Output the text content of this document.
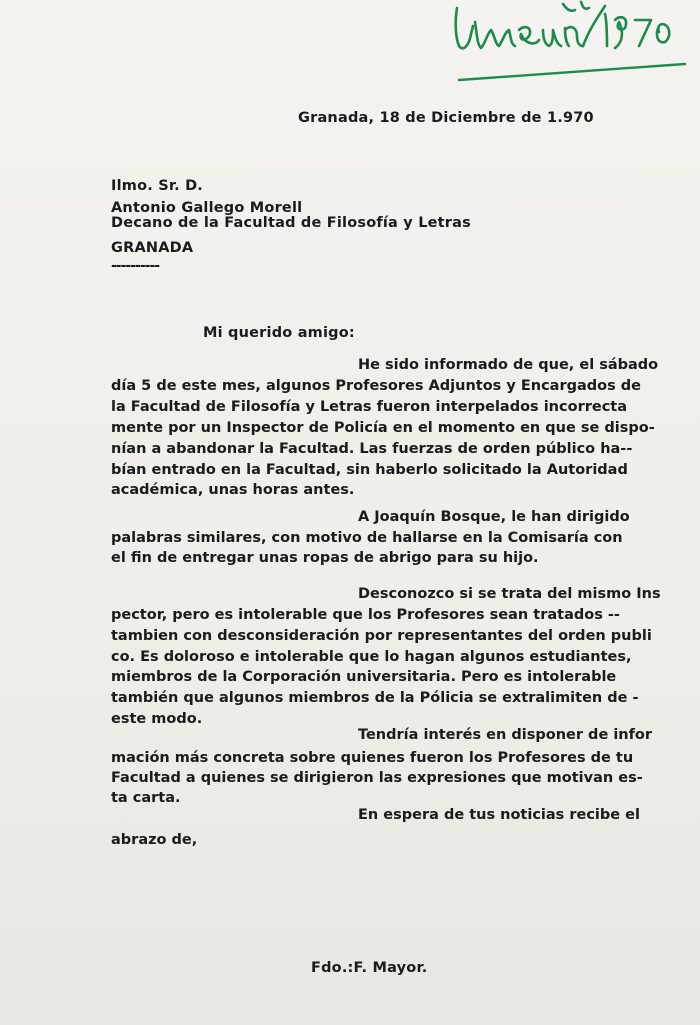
Granada, 18 de Diciembre de 1.970
Ilmo. Sr. D.
Antonio Gallego Morell
Decano de la Facultad de Filosofía y Letras
GRANADA
----------
Mi querido amigo:
He sido informado de que, el sábado
día 5 de este mes, algunos Profesores Adjuntos y Encargados de
la Facultad de Filosofía y Letras fueron interpelados incorrecta
mente por un Inspector de Policía en el momento en que se dispo-
nían a abandonar la Facultad. Las fuerzas de orden público ha--
bían entrado en la Facultad, sin haberlo solicitado la Autoridad
académica, unas horas antes.
A Joaquín Bosque, le han dirigido
palabras similares, con motivo de hallarse en la Comisaría con
el fin de entregar unas ropas de abrigo para su hijo.
Desconozco si se trata del mismo Ins
pector, pero es intolerable que los Profesores sean tratados --
tambien con desconsideración por representantes del orden publi
co. Es doloroso e intolerable que lo hagan algunos estudiantes,
miembros de la Corporación universitaria. Pero es intolerable
también que algunos miembros de la Pólicia se extralimiten de -
este modo.
Tendría interés en disponer de infor
mación más concreta sobre quienes fueron los Profesores de tu
Facultad a quienes se dirigieron las expresiones que motivan es-
ta carta.
En espera de tus noticias recibe el
abrazo de,
Fdo.:F. Mayor.
